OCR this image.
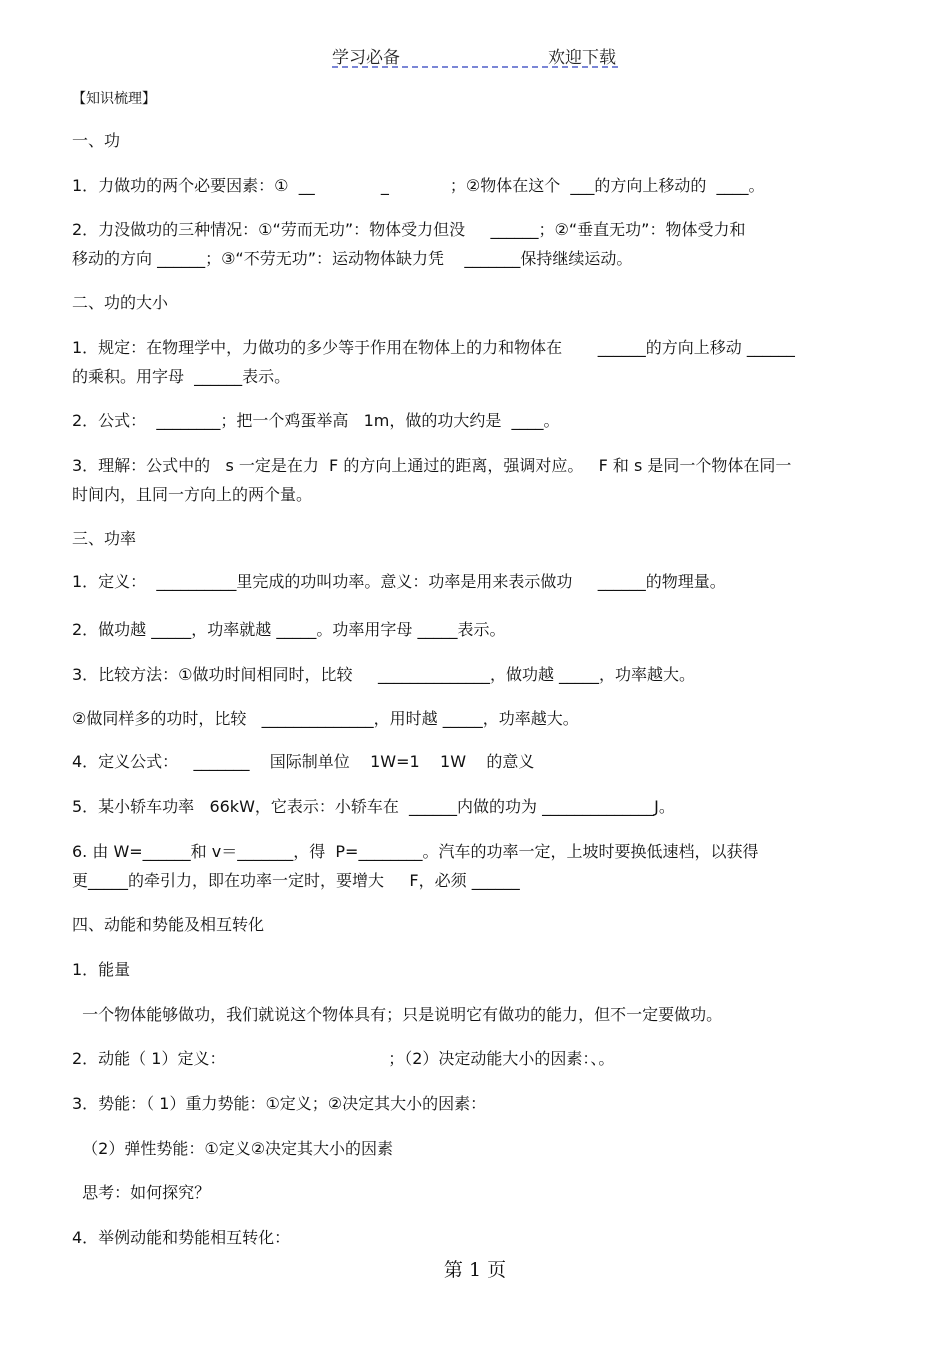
学习必备	欢迎下载

【知识梳理】

一、功

1．力做功的两个必要因素：①  __             _            ；②物体在这个  ___的方向上移动的  ____。

2．力没做功的三种情况：①“劳而无功”：物体受力但没     ______；②“垂直无功”：物体受力和

移动的方向 ______；③“不劳无功”：运动物体缺力凭    _______保持继续运动。

二、功的大小

1．规定：在物理学中，力做功的多少等于作用在物体上的力和物体在       ______的方向上移动 ______

的乘积。用字母  ______表示。

2．公式：  ________；把一个鸡蛋举高   1m，做的功大约是  ____。

3．理解：公式中的   s 一定是在力  F 的方向上通过的距离，强调对应。   F 和 s 是同一个物体在同一

时间内，且同一方向上的两个量。

三、功率

1．定义：  __________里完成的功叫功率。意义：功率是用来表示做功     ______的物理量。

2．做功越 _____，功率就越 _____。功率用字母 _____表示。

3．比较方法：①做功时间相同时，比较     ______________，做功越 _____，功率越大。

②做同样多的功时，比较   ______________，用时越 _____，功率越大。

4．定义公式：   _______    国际制单位    1W=1    1W    的意义

5．某小轿车功率   66kW，它表示：小轿车在  ______内做的功为 ______________J。

6. 由 W=______和 v＝_______，得  P=________。汽车的功率一定，上坡时要换低速档，以获得

更_____的牵引力，即在功率一定时，要增大     F，必须 ______

四、动能和势能及相互转化

1．能量

一个物体能够做功，我们就说这个物体具有；只是说明它有做功的能力，但不一定要做功。

2．动能（ 1）定义：                                ；（2）决定动能大小的因素：、。

3．势能：（ 1）重力势能：①定义；②决定其大小的因素：

（2）弹性势能：①定义②决定其大小的因素

思考：如何探究？

4．举例动能和势能相互转化：

第 1 页
